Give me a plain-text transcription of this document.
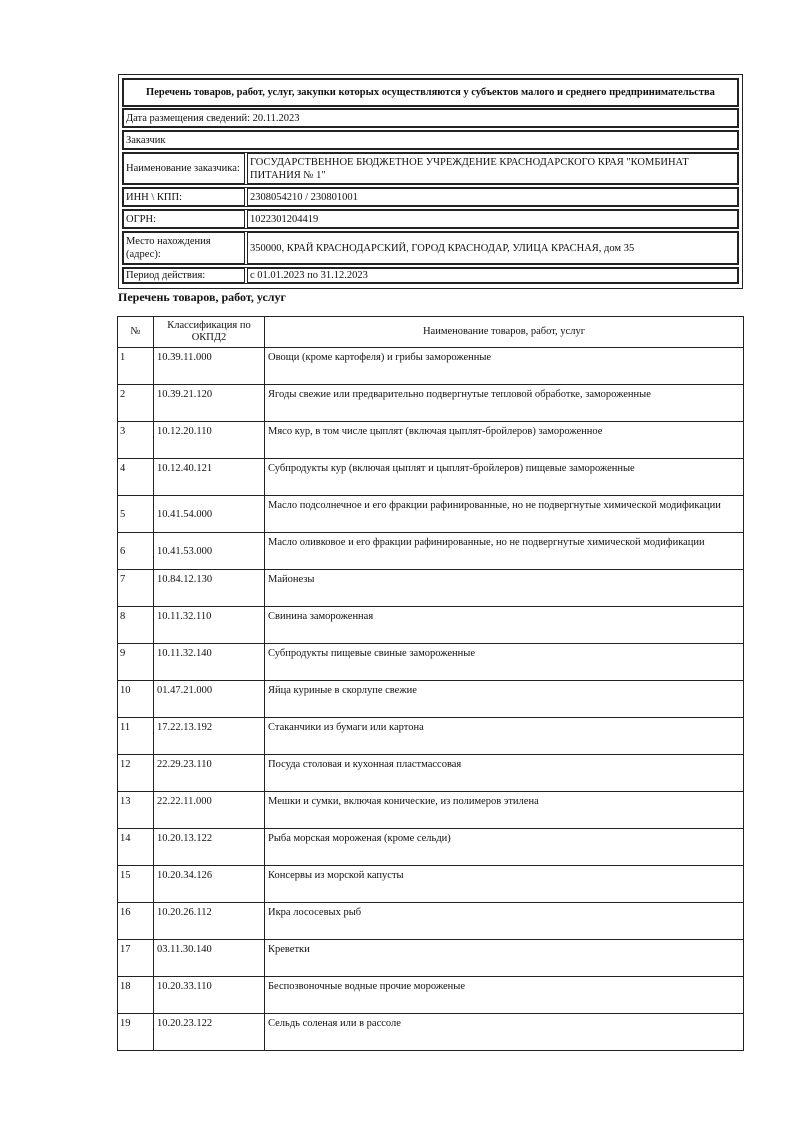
Перечень товаров, работ, услуг, закупки которых осуществляются у субъектов малого и среднего предпринимательства
Дата размещения сведений: 20.11.2023
Заказчик
Наименование заказчика:
ГОСУДАРСТВЕННОЕ БЮДЖЕТНОЕ УЧРЕЖДЕНИЕ КРАСНОДАРСКОГО КРАЯ "КОМБИНАТ ПИТАНИЯ № 1"
ИНН \ КПП:	2308054210 / 230801001
ОГРН:	1022301204419
Место нахождения (адрес):
350000, КРАЙ КРАСНОДАРСКИЙ, ГОРОД КРАСНОДАР, УЛИЦА КРАСНАЯ, дом 35
Период действия:	с 01.01.2023 по 31.12.2023
Перечень товаров, работ, услуг
№	Классификация по ОКПД2	Наименование товаров, работ, услуг
1	10.39.11.000	Овощи (кроме картофеля) и грибы замороженные
2	10.39.21.120	Ягоды свежие или предварительно подвергнутые тепловой обработке, замороженные
3	10.12.20.110	Мясо кур, в том числе цыплят (включая цыплят-бройлеров) замороженное
4	10.12.40.121	Субпродукты кур (включая цыплят и цыплят-бройлеров) пищевые замороженные
5	10.41.54.000	Масло подсолнечное и его фракции рафинированные, но не подвергнутые химической модификации
6	10.41.53.000	Масло оливковое и его фракции рафинированные, но не подвергнутые химической модификации
7	10.84.12.130	Майонезы
8	10.11.32.110	Свинина замороженная
9	10.11.32.140	Субпродукты пищевые свиные замороженные
10	01.47.21.000	Яйца куриные в скорлупе свежие
11	17.22.13.192	Стаканчики из бумаги или картона
12	22.29.23.110	Посуда столовая и кухонная пластмассовая
13	22.22.11.000	Мешки и сумки, включая конические, из полимеров этилена
14	10.20.13.122	Рыба морская мороженая (кроме сельди)
15	10.20.34.126	Консервы из морской капусты
16	10.20.26.112	Икра лососевых рыб
17	03.11.30.140	Креветки
18	10.20.33.110	Беспозвоночные водные прочие мороженые
19	10.20.23.122	Сельдь соленая или в рассоле
